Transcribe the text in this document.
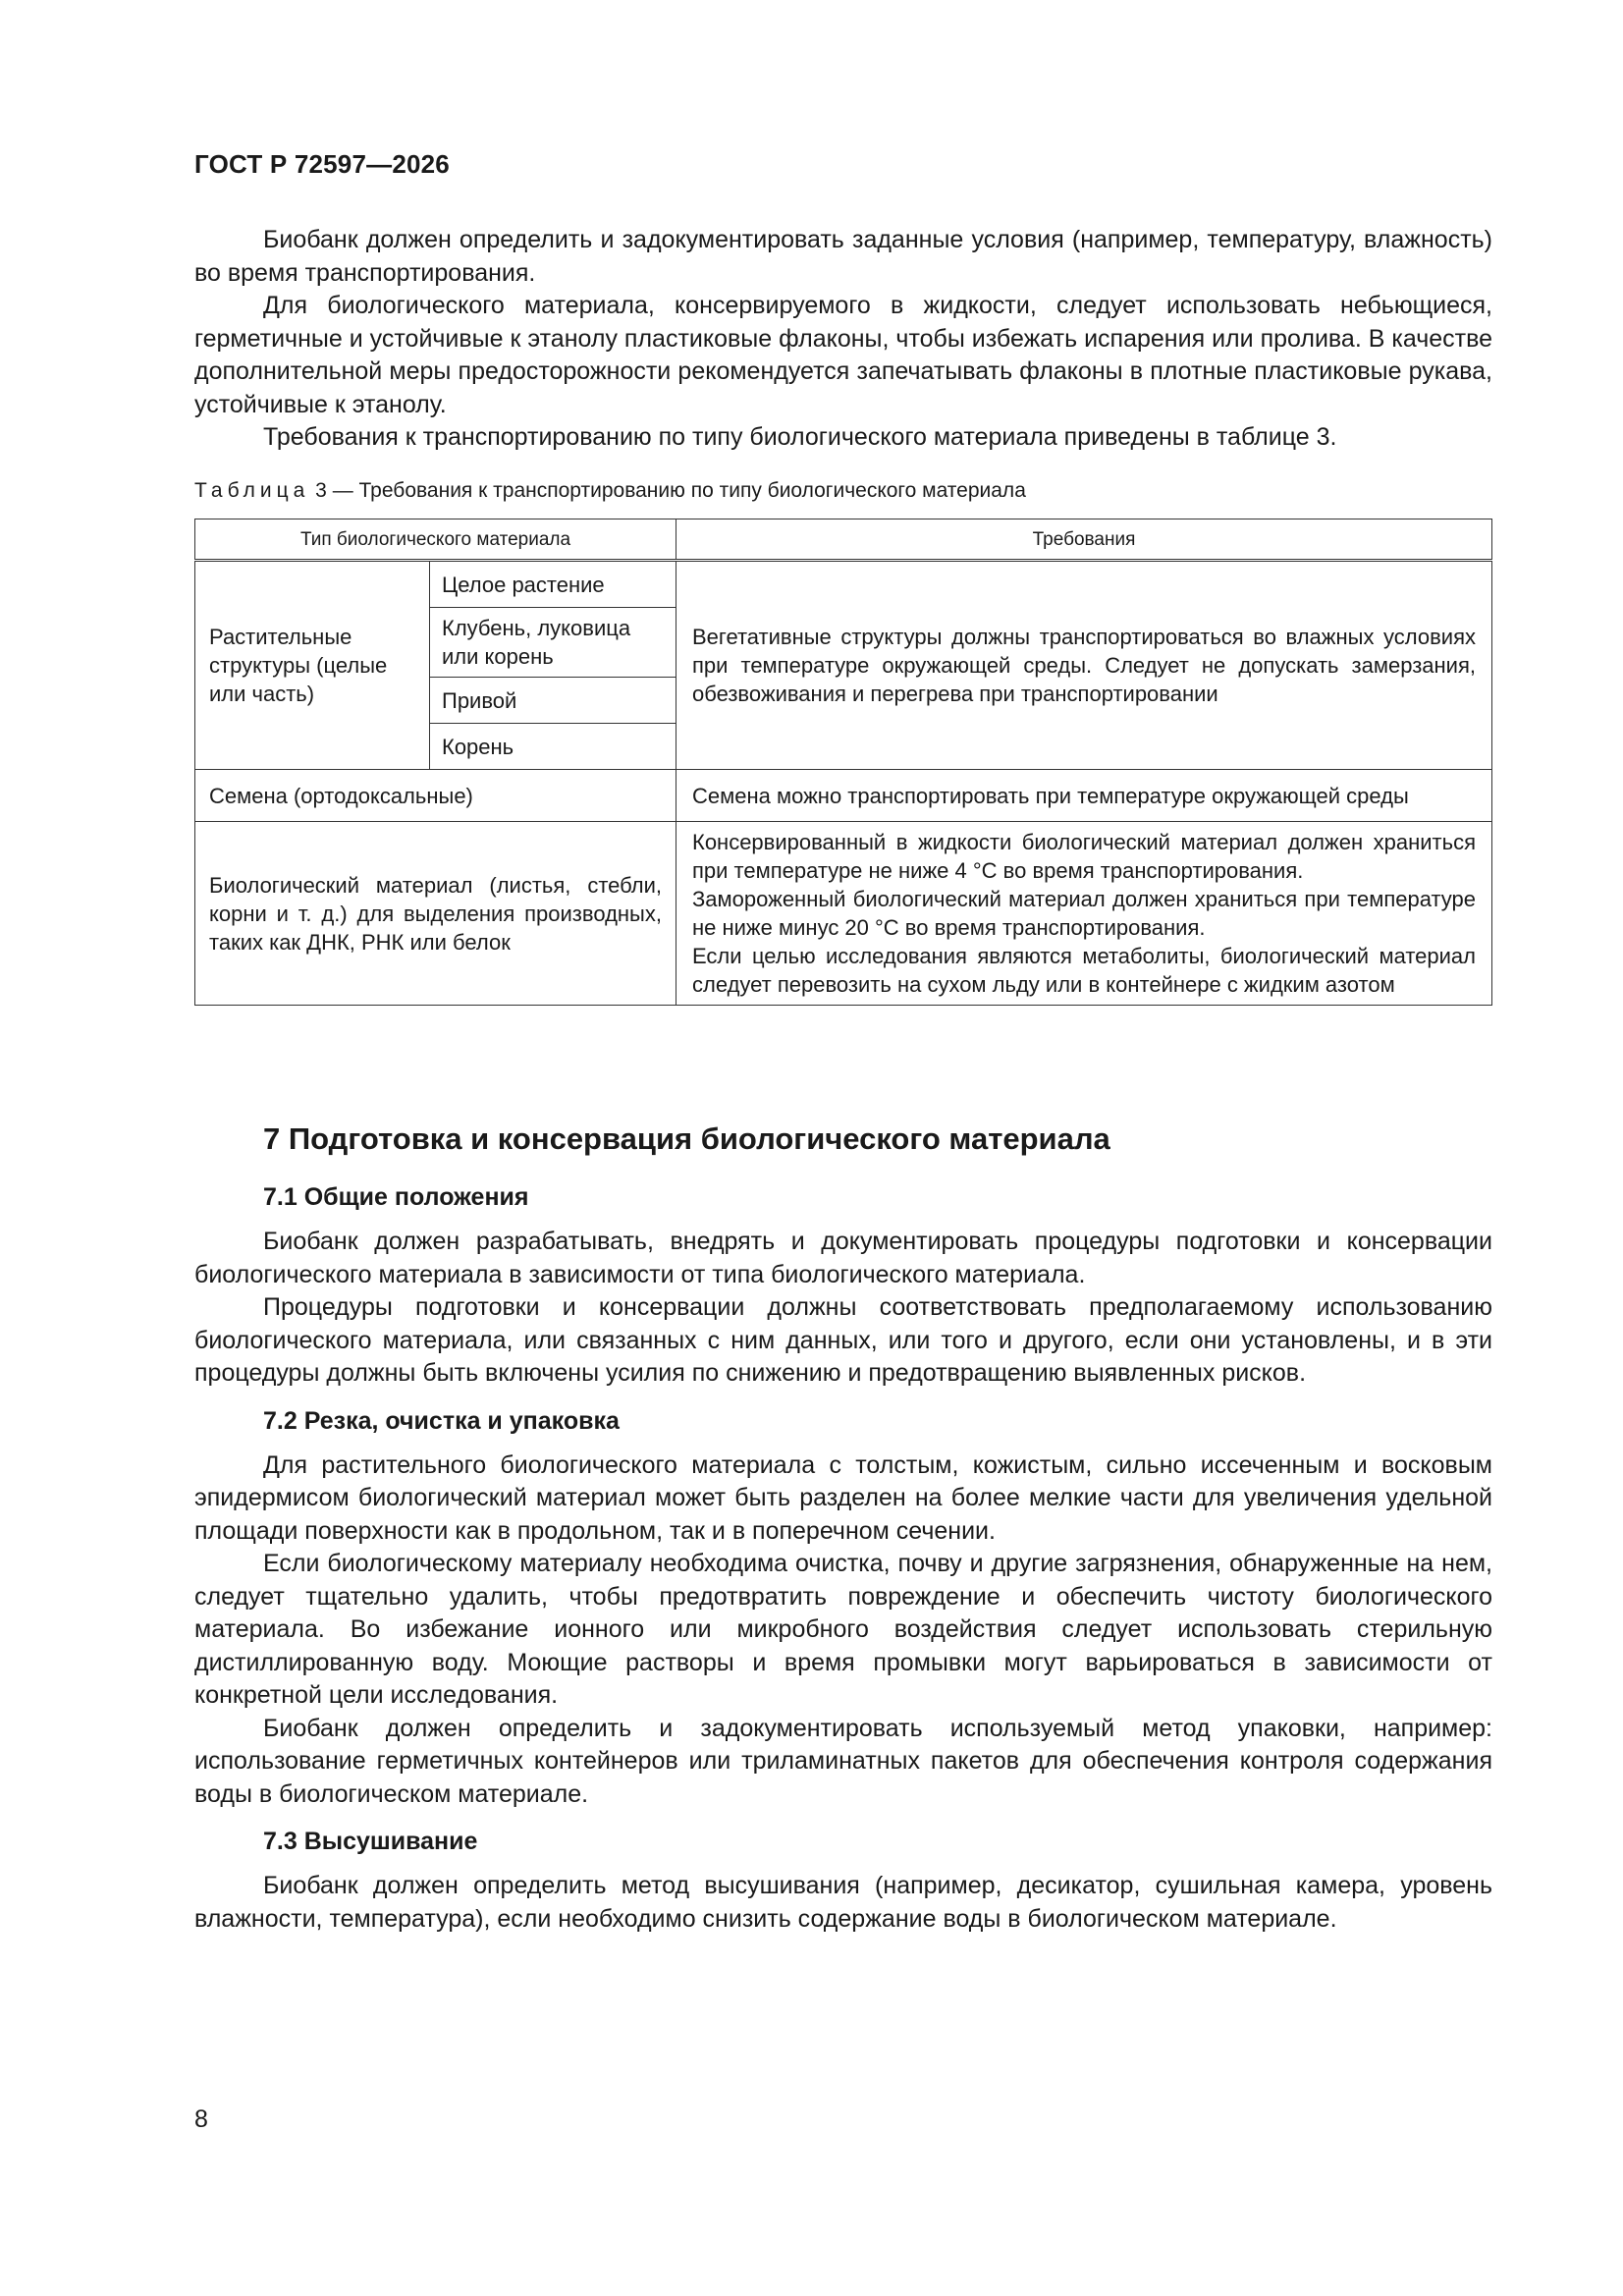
ГОСТ Р 72597—2026

Биобанк должен определить и задокументировать заданные условия (например, температуру, влажность) во время транспортирования.

Для биологического материала, консервируемого в жидкости, следует использовать небьющиеся, герметичные и устойчивые к этанолу пластиковые флаконы, чтобы избежать испарения или пролива. В качестве дополнительной меры предосторожности рекомендуется запечатывать флаконы в плотные пластиковые рукава, устойчивые к этанолу.

Требования к транспортированию по типу биологического материала приведены в таблице 3.

Таблица 3 — Требования к транспортированию по типу биологического материала
Тип биологического материала		Требования
Растительные структуры (целые или часть)	Целое растение	Вегетативные структуры должны транспортироваться во влажных условиях при температуре окружающей среды. Следует не допускать замерзания, обезвоживания и перегрева при транспортировании
	Клубень, луковица или корень	
	Привой	
	Корень	
Семена (ортодоксальные)		Семена можно транспортировать при температуре окружающей среды
Биологический материал (листья, стебли, корни и т. д.) для выделения производных, таких как ДНК, РНК или белок		Консервированный в жидкости биологический материал должен храниться при температуре не ниже 4 °С во время транспортирования.
Замороженный биологический материал должен храниться при температуре не ниже минус 20 °С во время транспортирования.
Если целью исследования являются метаболиты, биологический материал следует перевозить на сухом льду или в контейнере с жидким азотом
7 Подготовка и консервация биологического материала
7.1 Общие положения

Биобанк должен разрабатывать, внедрять и документировать процедуры подготовки и консервации биологического материала в зависимости от типа биологического материала.

Процедуры подготовки и консервации должны соответствовать предполагаемому использованию биологического материала, или связанных с ним данных, или того и другого, если они установлены, и в эти процедуры должны быть включены усилия по снижению и предотвращению выявленных рисков.

7.2 Резка, очистка и упаковка

Для растительного биологического материала с толстым, кожистым, сильно иссеченным и восковым эпидермисом биологический материал может быть разделен на более мелкие части для увеличения удельной площади поверхности как в продольном, так и в поперечном сечении.

Если биологическому материалу необходима очистка, почву и другие загрязнения, обнаруженные на нем, следует тщательно удалить, чтобы предотвратить повреждение и обеспечить чистоту биологического материала. Во избежание ионного или микробного воздействия следует использовать стерильную дистиллированную воду. Моющие растворы и время промывки могут варьироваться в зависимости от конкретной цели исследования.

Биобанк должен определить и задокументировать используемый метод упаковки, например: использование герметичных контейнеров или триламинатных пакетов для обеспечения контроля содержания воды в биологическом материале.

7.3 Высушивание

Биобанк должен определить метод высушивания (например, десикатор, сушильная камера, уровень влажности, температура), если необходимо снизить содержание воды в биологическом материале.

8
